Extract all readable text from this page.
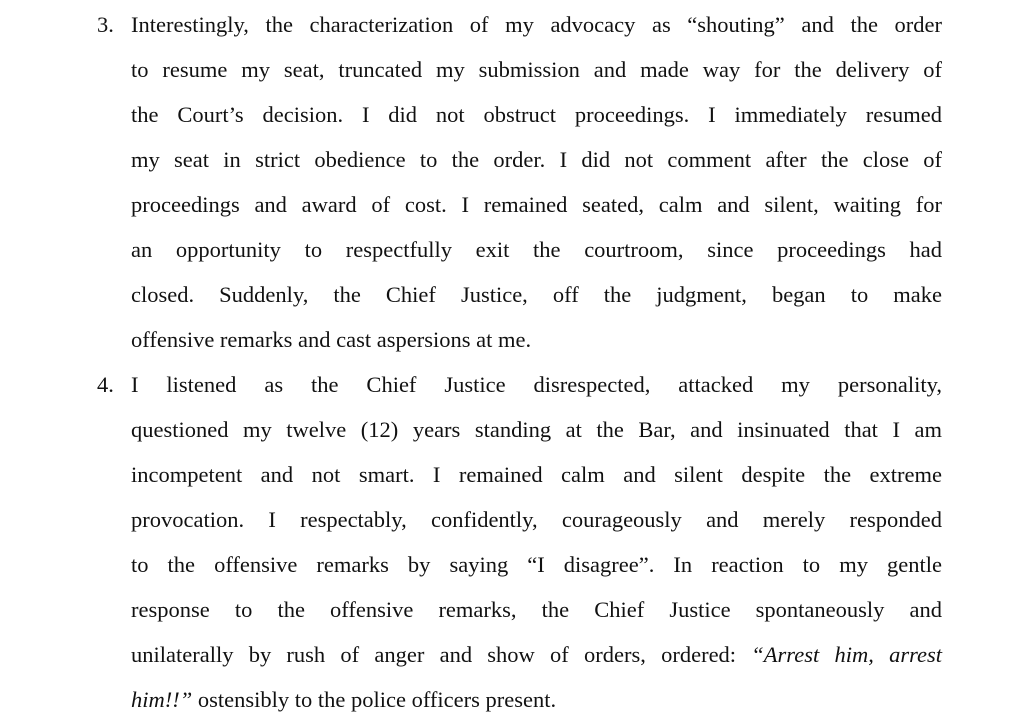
3. Interestingly, the characterization of my advocacy as “shouting” and the order
to resume my seat, truncated my submission and made way for the delivery of
the Court’s decision. I did not obstruct proceedings. I immediately resumed
my seat in strict obedience to the order. I did not comment after the close of
proceedings and award of cost. I remained seated, calm and silent, waiting for
an opportunity to respectfully exit the courtroom, since proceedings had
closed. Suddenly, the Chief Justice, off the judgment, began to make
offensive remarks and cast aspersions at me.
4. I listened as the Chief Justice disrespected, attacked my personality,
questioned my twelve (12) years standing at the Bar, and insinuated that I am
incompetent and not smart. I remained calm and silent despite the extreme
provocation. I respectably, confidently, courageously and merely responded
to the offensive remarks by saying “I disagree”. In reaction to my gentle
response to the offensive remarks, the Chief Justice spontaneously and
unilaterally by rush of anger and show of orders, ordered: “Arrest him, arrest
him!!” ostensibly to the police officers present.
